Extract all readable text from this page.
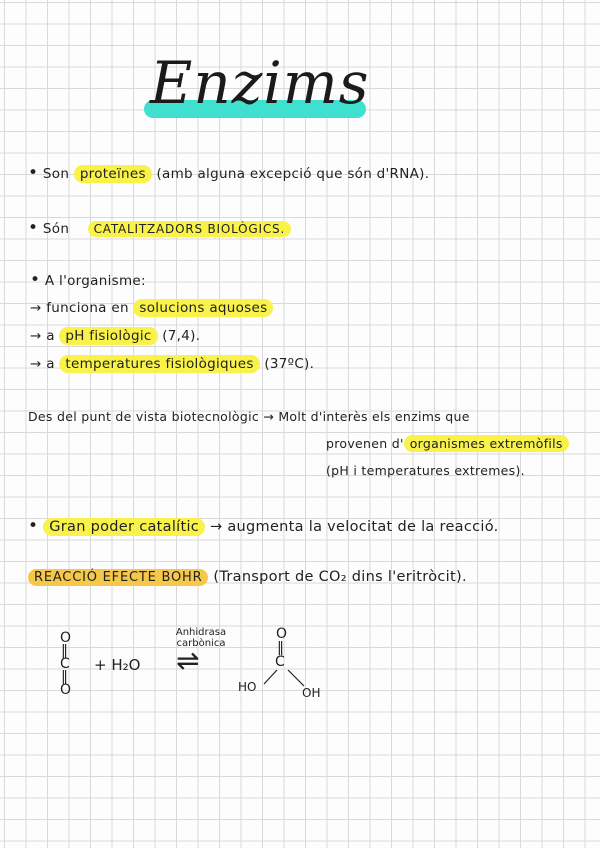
Enzims
• Son proteïnes (amb alguna excepció que són d'RNA).
• Són CATALITZADORS BIOLÒGICS.
• A l'organisme:
→ funciona en solucions aquoses
→ a pH fisiològic (7,4).
→ a temperatures fisiològiques (37ºC).
Des del punt de vista biotecnològic → Molt d'interès els enzims que
provenen d' organismes extremòfils
(pH i temperatures extremes).
• Gran poder catalític → augmenta la velocitat de la reacció.
REACCIÓ EFECTE BOHR (Transport de CO₂ dins l'eritròcit).
O
‖
C
‖
O
+ H₂O
Anhidrasa
carbònica
⇌
O
‖
C
HO	OH
